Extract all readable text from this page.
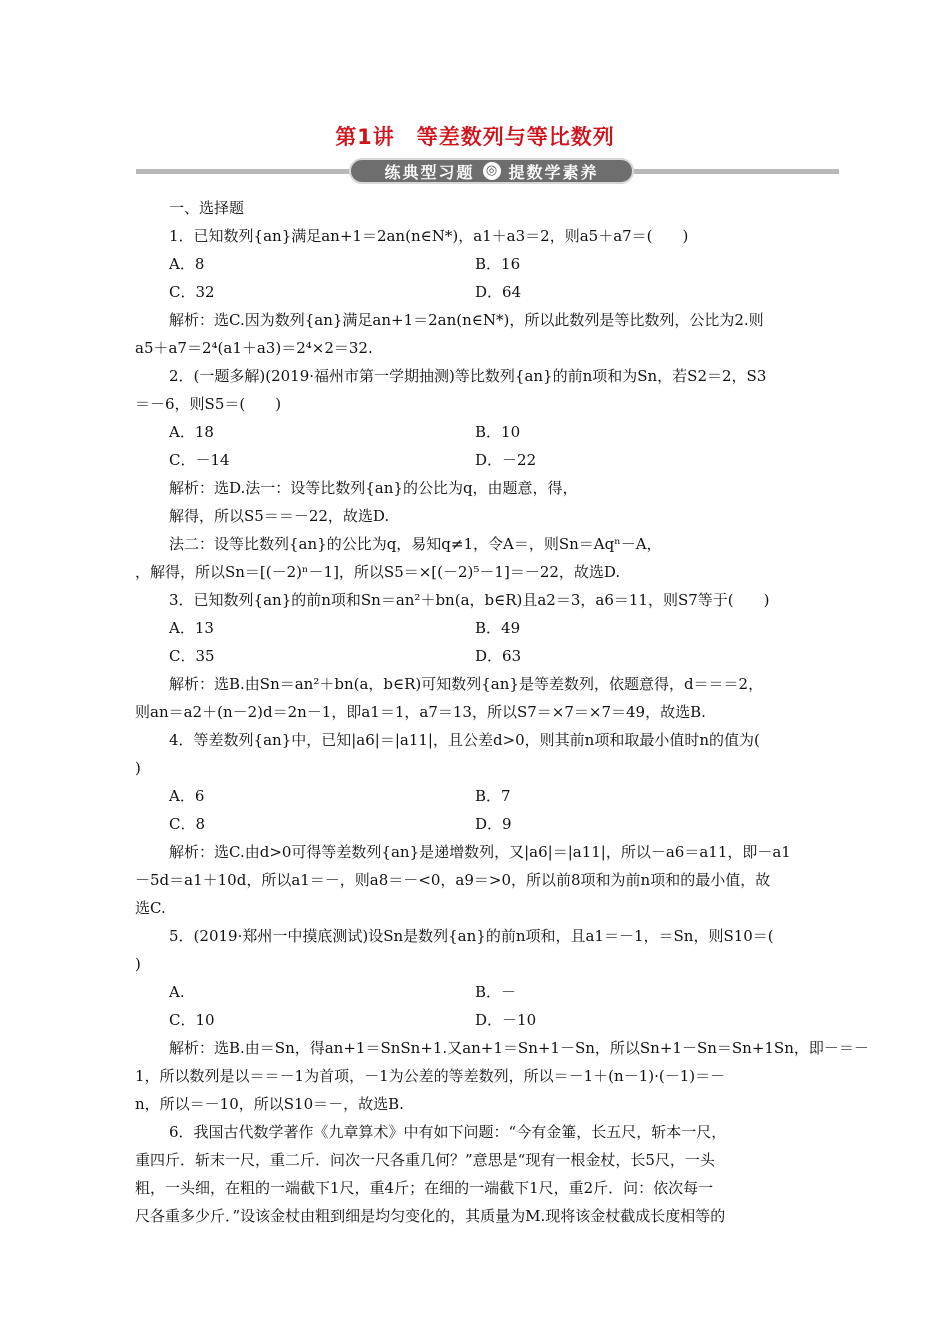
第1讲　等差数列与等比数列
练典型习题 ◎ 提数学素养
一、选择题
1．已知数列{an}满足an+1＝2an(n∈N*)，a1＋a3＝2，则a5＋a7＝(　　)
A．8	B．16
C．32	D．64
解析：选C.因为数列{an}满足an+1＝2an(n∈N*)，所以此数列是等比数列，公比为2.则
a5＋a7＝2⁴(a1＋a3)＝2⁴×2＝32.
2．(一题多解)(2019·福州市第一学期抽测)等比数列{an}的前n项和为Sn，若S2＝2，S3
＝－6，则S5＝(　　)
A．18	B．10
C．－14	D．－22
解析：选D.法一：设等比数列{an}的公比为q，由题意，得，
解得，所以S5＝＝－22，故选D.
法二：设等比数列{an}的公比为q，易知q≠1，令A＝，则Sn＝Aqⁿ－A，
，解得，所以Sn＝[(－2)ⁿ－1]，所以S5＝×[(－2)⁵－1]＝－22，故选D.
3．已知数列{an}的前n项和Sn＝an²＋bn(a，b∈R)且a2＝3，a6＝11，则S7等于(　　)
A．13	B．49
C．35	D．63
解析：选B.由Sn＝an²＋bn(a，b∈R)可知数列{an}是等差数列，依题意得，d＝＝＝2，
则an＝a2＋(n－2)d＝2n－1，即a1＝1，a7＝13，所以S7＝×7＝×7＝49，故选B.
4．等差数列{an}中，已知|a6|＝|a11|，且公差d>0，则其前n项和取最小值时n的值为(
)
A．6	B．7
C．8	D．9
解析：选C.由d>0可得等差数列{an}是递增数列，又|a6|＝|a11|，所以－a6＝a11，即－a1
－5d＝a1＋10d，所以a1＝－，则a8＝－<0，a9＝>0，所以前8项和为前n项和的最小值，故
选C.
5．(2019·郑州一中摸底测试)设Sn是数列{an}的前n项和，且a1＝－1，＝Sn，则S10＝(
)
A.	B．－
C．10	D．－10
解析：选B.由＝Sn，得an+1＝SnSn+1.又an+1＝Sn+1－Sn，所以Sn+1－Sn＝Sn+1Sn，即－＝－
1，所以数列是以＝＝－1为首项，－1为公差的等差数列，所以＝－1＋(n－1)·(－1)＝－
n，所以＝－10，所以S10＝－，故选B.
6．我国古代数学著作《九章算术》中有如下问题：“今有金箠，长五尺，斩本一尺，
重四斤．斩末一尺，重二斤．问次一尺各重几何？”意思是“现有一根金杖，长5尺，一头
粗，一头细，在粗的一端截下1尺，重4斤；在细的一端截下1尺，重2斤．问：依次每一
尺各重多少斤．”设该金杖由粗到细是均匀变化的，其质量为M.现将该金杖截成长度相等的
